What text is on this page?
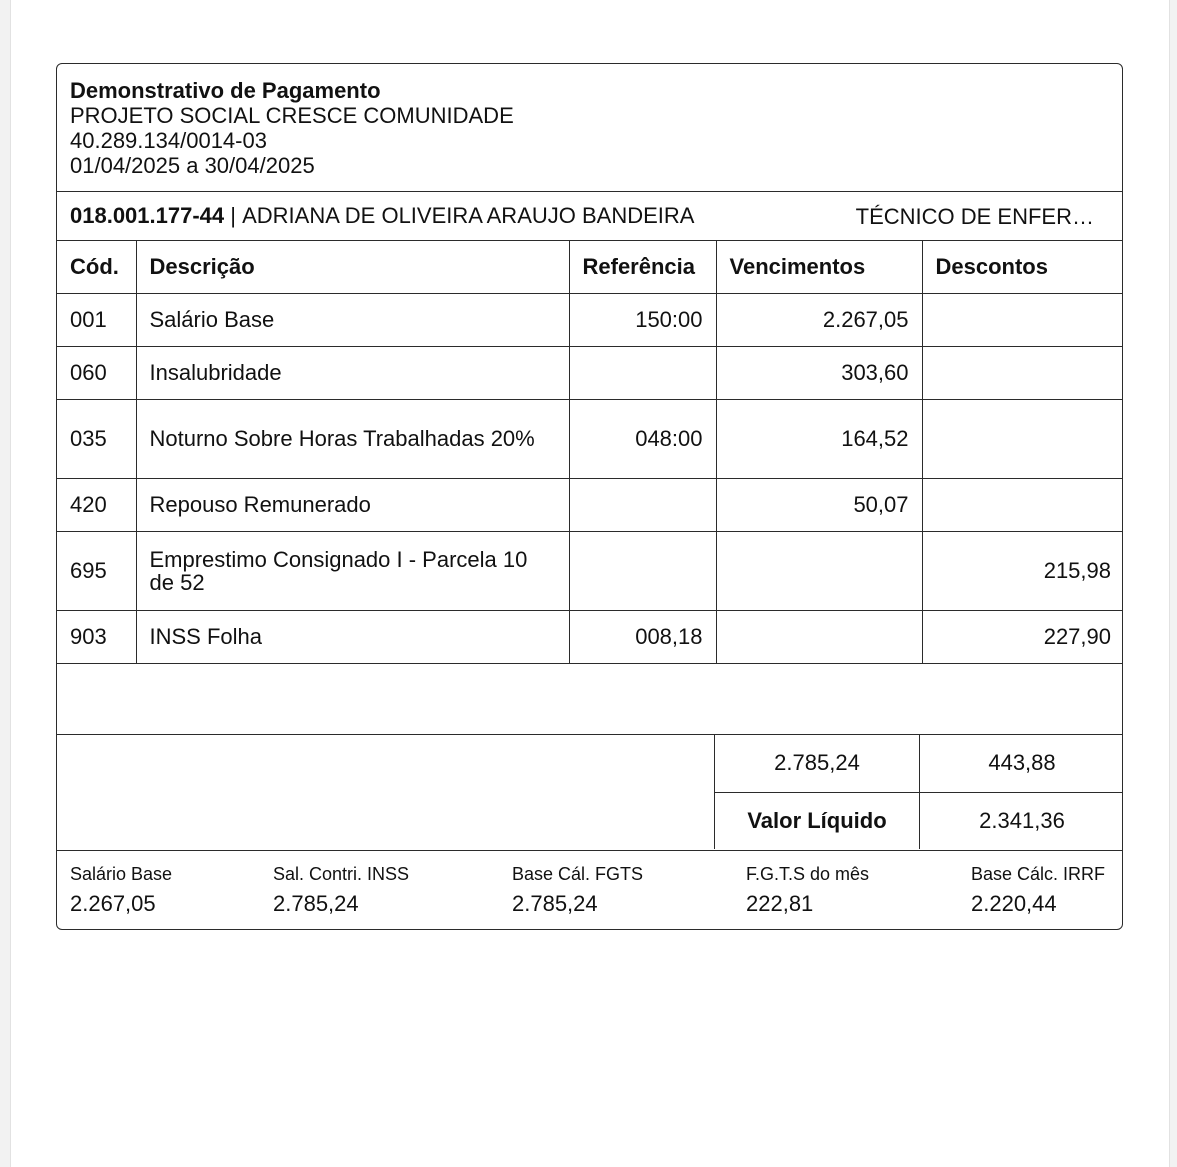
Demonstrativo de Pagamento
PROJETO SOCIAL CRESCE COMUNIDADE
40.289.134/0014-03
01/04/2025 a 30/04/2025
018.001.177-44 | ADRIANA DE OLIVEIRA ARAUJO BANDEIRA	TÉCNICO DE ENFER…
Cód.	Descrição	Referência	Vencimentos	Descontos
001	Salário Base	150:00	2.267,05	
060	Insalubridade		303,60	
035	Noturno Sobre Horas Trabalhadas 20%	048:00	164,52	
420	Repouso Remunerado		50,07	
695	Emprestimo Consignado I - Parcela 10 de 52			215,98
903	INSS Folha	008,18		227,90
2.785,24	443,88
Valor Líquido	2.341,36
Salário Base
2.267,05
Sal. Contri. INSS
2.785,24
Base Cál. FGTS
2.785,24
F.G.T.S do mês
222,81
Base Cálc. IRRF
2.220,44
